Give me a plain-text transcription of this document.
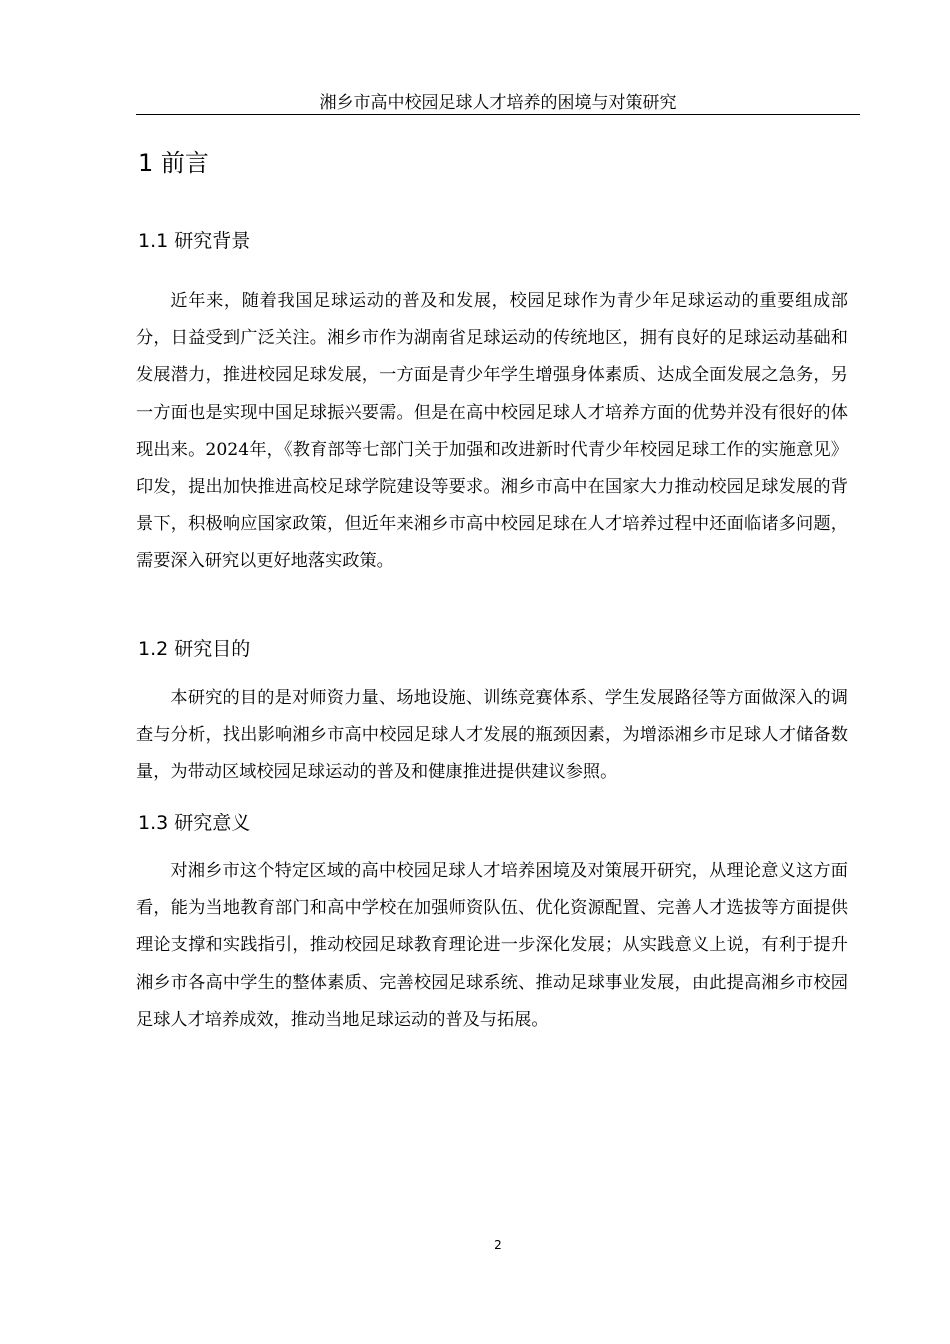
湘乡市高中校园足球人才培养的困境与对策研究
1 前言
1.1 研究背景

近年来，随着我国足球运动的普及和发展，校园足球作为青少年足球运动的重要组成部分，日益受到广泛关注。湘乡市作为湖南省足球运动的传统地区，拥有良好的足球运动基础和发展潜力，推进校园足球发展，一方面是青少年学生增强身体素质、达成全面发展之急务，另一方面也是实现中国足球振兴要需。但是在高中校园足球人才培养方面的优势并没有很好的体现出来。2024年，《教育部等七部门关于加强和改进新时代青少年校园足球工作的实施意见》印发，提出加快推进高校足球学院建设等要求。湘乡市高中在国家大力推动校园足球发展的背景下，积极响应国家政策，但近年来湘乡市高中校园足球在人才培养过程中还面临诸多问题，需要深入研究以更好地落实政策。

1.2 研究目的

本研究的目的是对师资力量、场地设施、训练竞赛体系、学生发展路径等方面做深入的调查与分析，找出影响湘乡市高中校园足球人才发展的瓶颈因素，为增添湘乡市足球人才储备数量，为带动区域校园足球运动的普及和健康推进提供建议参照。

1.3 研究意义

对湘乡市这个特定区域的高中校园足球人才培养困境及对策展开研究，从理论意义这方面看，能为当地教育部门和高中学校在加强师资队伍、优化资源配置、完善人才选拔等方面提供理论支撑和实践指引，推动校园足球教育理论进一步深化发展；从实践意义上说，有利于提升湘乡市各高中学生的整体素质、完善校园足球系统、推动足球事业发展，由此提高湘乡市校园足球人才培养成效，推动当地足球运动的普及与拓展。

2
